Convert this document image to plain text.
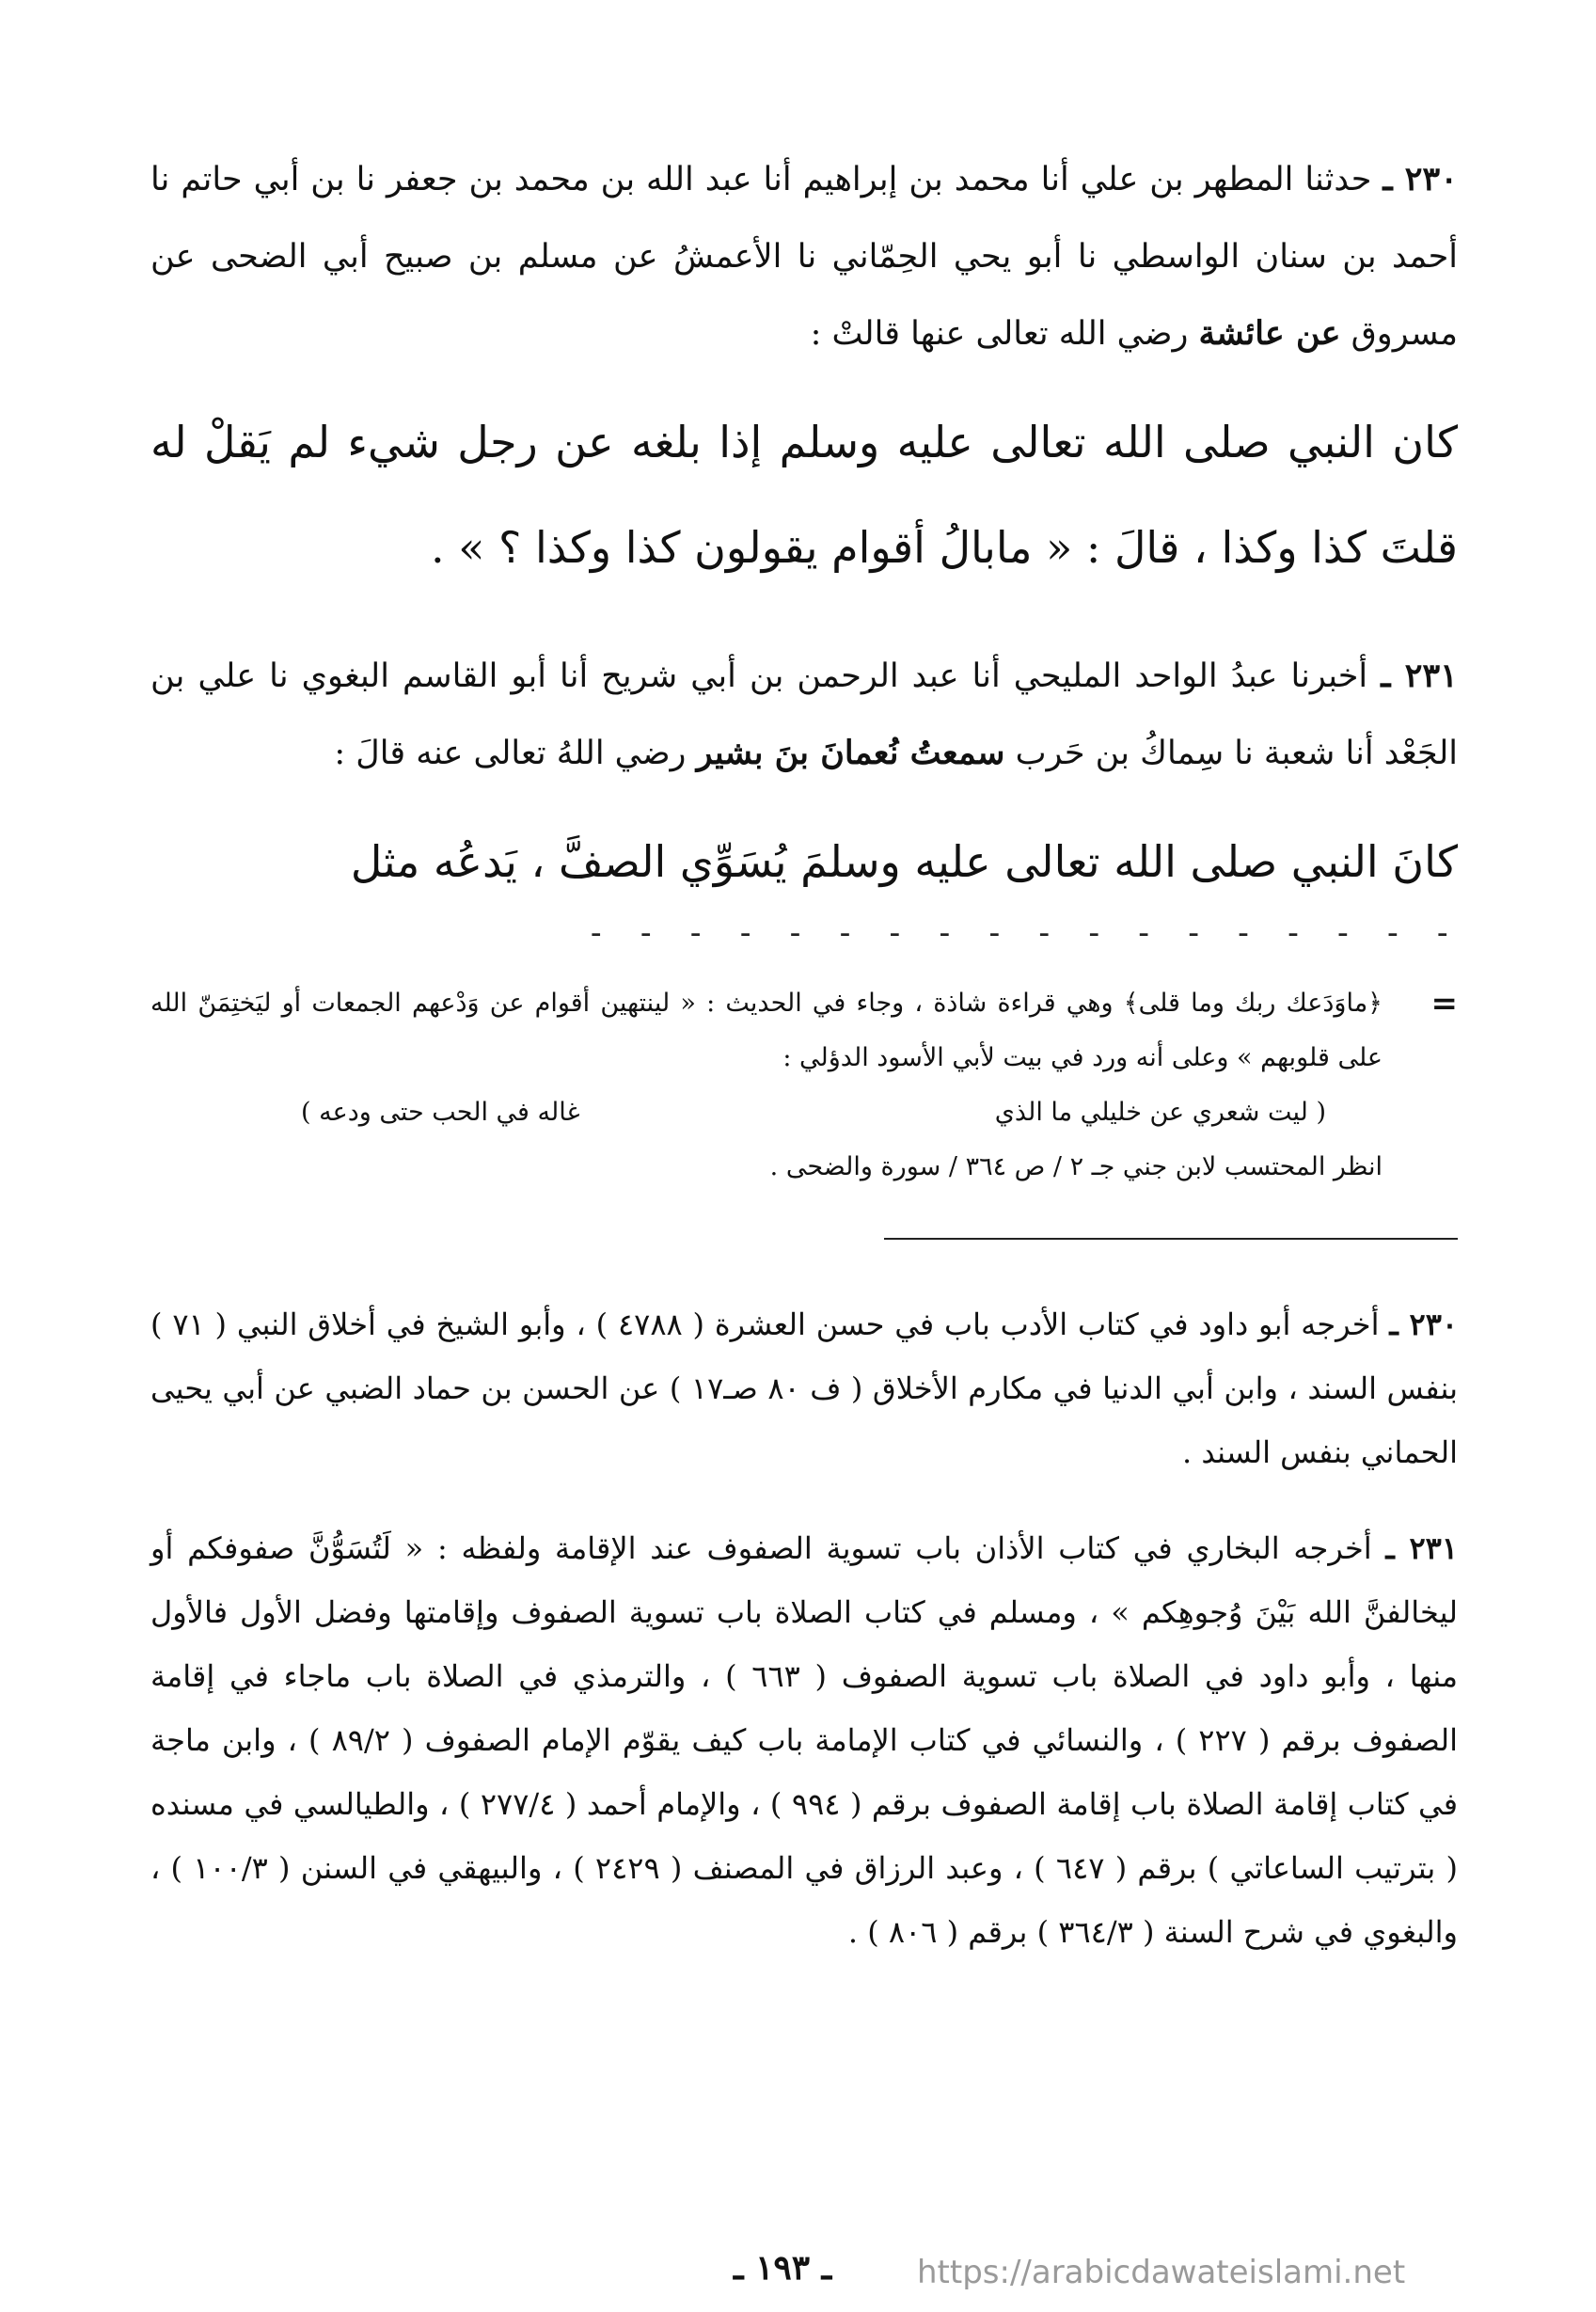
٢٣٠ ـ حدثنا المطهر بن علي أنا محمد بن إبراهيم أنا عبد الله بن محمد بن جعفر نا بن أبي حاتم نا أحمد بن سنان الواسطي نا أبو يحي الحِمّاني نا الأعمشُ عن مسلم بن صبيح أبي الضحى عن مسروق عن عائشة رضي الله تعالى عنها قالتْ :

كان النبي صلى الله تعالى عليه وسلم إذا بلغه عن رجل شيء لم يَقلْ له قلتَ كذا وكذا ، قالَ : « مابالُ أقوام يقولون كذا وكذا ؟ » .

٢٣١ ـ أخبرنا عبدُ الواحد المليحي أنا عبد الرحمن بن أبي شريح أنا أبو القاسم البغوي نا علي بن الجَعْد أنا شعبة نا سِماكُ بن حَرب سمعتُ نُعمانَ بنَ بشير رضي اللهُ تعالى عنه قالَ :

كانَ النبي صلى الله تعالى عليه وسلمَ يُسَوِّي الصفَّ ، يَدعُه مثل

- - - - - - - - - - - - - - - - - -
=

﴿ماوَدَعك ربك وما قلى﴾ وهي قراءة شاذة ، وجاء في الحديث : « لينتهين أقوام عن وَدْعهم الجمعات أو ليَختِمَنّ الله على قلوبهم » وعلى أنه ورد في بيت لأبي الأسود الدؤلي :

( ليت شعري عن خليلي ما الذي
غاله في الحب حتى ودعه )

انظر المحتسب لابن جني جـ ٢ / ص ٣٦٤ / سورة والضحى .

٢٣٠ ـ أخرجه أبو داود في كتاب الأدب باب في حسن العشرة ( ٤٧٨٨ ) ، وأبو الشيخ في أخلاق النبي ( ٧١ ) بنفس السند ، وابن أبي الدنيا في مكارم الأخلاق ( ف ٨٠ صـ١٧ ) عن الحسن بن حماد الضبي عن أبي يحيى الحماني بنفس السند .

٢٣١ ـ أخرجه البخاري في كتاب الأذان باب تسوية الصفوف عند الإقامة ولفظه : « لَتُسَوُّنَّ صفوفكم أو ليخالفنَّ الله بَيْنَ وُجوهِكم » ، ومسلم في كتاب الصلاة باب تسوية الصفوف وإقامتها وفضل الأول فالأول منها ، وأبو داود في الصلاة باب تسوية الصفوف ( ٦٦٣ ) ، والترمذي في الصلاة باب ماجاء في إقامة الصفوف برقم ( ٢٢٧ ) ، والنسائي في كتاب الإمامة باب كيف يقوّم الإمام الصفوف ( ٨٩/٢ ) ، وابن ماجة في كتاب إقامة الصلاة باب إقامة الصفوف برقم ( ٩٩٤ ) ، والإمام أحمد ( ٢٧٧/٤ ) ، والطيالسي في مسنده ( بترتيب الساعاتي ) برقم ( ٦٤٧ ) ، وعبد الرزاق في المصنف ( ٢٤٢٩ ) ، والبيهقي في السنن ( ١٠٠/٣ ) ، والبغوي في شرح السنة ( ٣٦٤/٣ ) برقم ( ٨٠٦ ) .

ـ ١٩٣ ـ	https://arabicdawateislami.net
